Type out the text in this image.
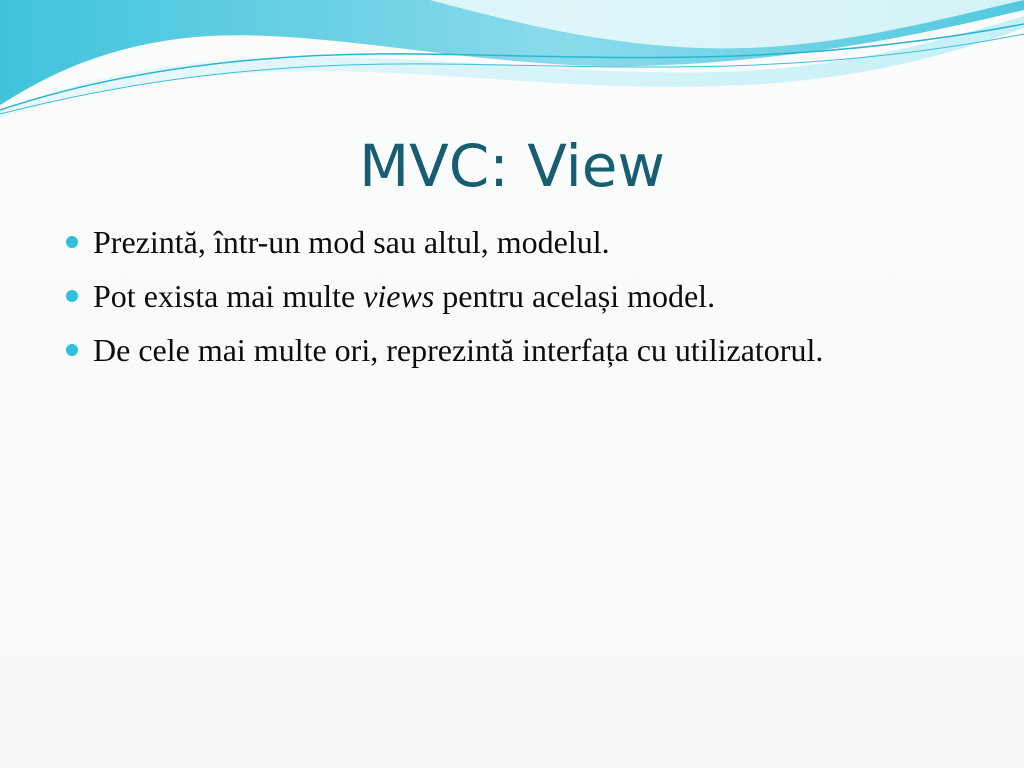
MVC: View
Prezintă, într-un mod sau altul, modelul.
Pot exista mai multe views pentru același model.
De cele mai multe ori, reprezintă interfața cu utilizatorul.
